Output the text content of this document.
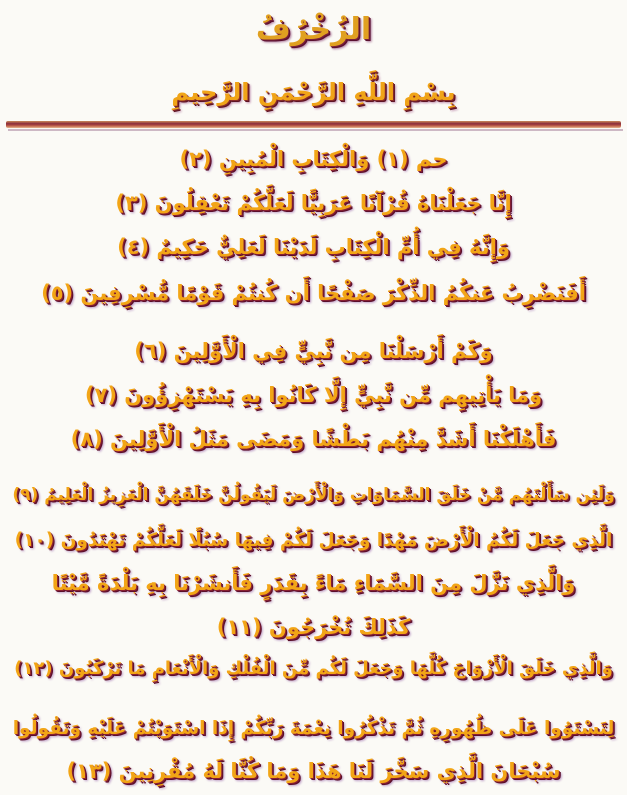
الزُخْرُفُ
بِسْمِ اللَّهِ الرَّحْمَنِ الرَّحِيمِ
حم (١) وَالْكِتَابِ الْمُبِينِ (٢)
إِنَّا جَعَلْنَاهُ قُرْآنًا عَرَبِيًّا لَعَلَّكُمْ تَعْقِلُونَ (٣)
وَإِنَّهُ فِي أُمِّ الْكِتَابِ لَدَيْنَا لَعَلِيٌّ حَكِيمٌ (٤)
أَفَنَضْرِبُ عَنكُمُ الذِّكْرَ صَفْحًا أَن كُنتُمْ قَوْمًا مُّسْرِفِينَ (٥)
وَكَمْ أَرْسَلْنَا مِن نَّبِيٍّ فِي الْأَوَّلِينَ (٦)
وَمَا يَأْتِيهِم مِّن نَّبِيٍّ إِلَّا كَانُوا بِهِ يَسْتَهْزِؤُونَ (٧)
فَأَهْلَكْنَا أَشَدَّ مِنْهُم بَطْشًا وَمَضَى مَثَلُ الْأَوَّلِينَ (٨)
وَلَئِن سَأَلْتَهُم مَّنْ خَلَقَ السَّمَاوَاتِ وَالْأَرْضَ لَيَقُولُنَّ خَلَقَهُنَّ الْعَزِيزُ الْعَلِيمُ (٩)
الَّذِي جَعَلَ لَكُمُ الْأَرْضَ مَهْدًا وَجَعَلَ لَكُمْ فِيهَا سُبُلًا لَعَلَّكُمْ تَهْتَدُونَ (١٠)
وَالَّذِي نَزَّلَ مِنَ السَّمَاءِ مَاءً بِقَدَرٍ فَأَنشَرْنَا بِهِ بَلْدَةً مَّيْتًا
كَذَلِكَ تُخْرَجُونَ (١١)
وَالَّذِي خَلَقَ الْأَزْوَاجَ كُلَّهَا وَجَعَلَ لَكُم مِّنَ الْفُلْكِ وَالْأَنْعَامِ مَا تَرْكَبُونَ (١٢)
لِتَسْتَوُوا عَلَى ظُهُورِهِ ثُمَّ تَذْكُرُوا نِعْمَةَ رَبِّكُمْ إِذَا اسْتَوَيْتُمْ عَلَيْهِ وَتَقُولُوا
سُبْحَانَ الَّذِي سَخَّرَ لَنَا هَذَا وَمَا كُنَّا لَهُ مُقْرِنِينَ (١٣)
